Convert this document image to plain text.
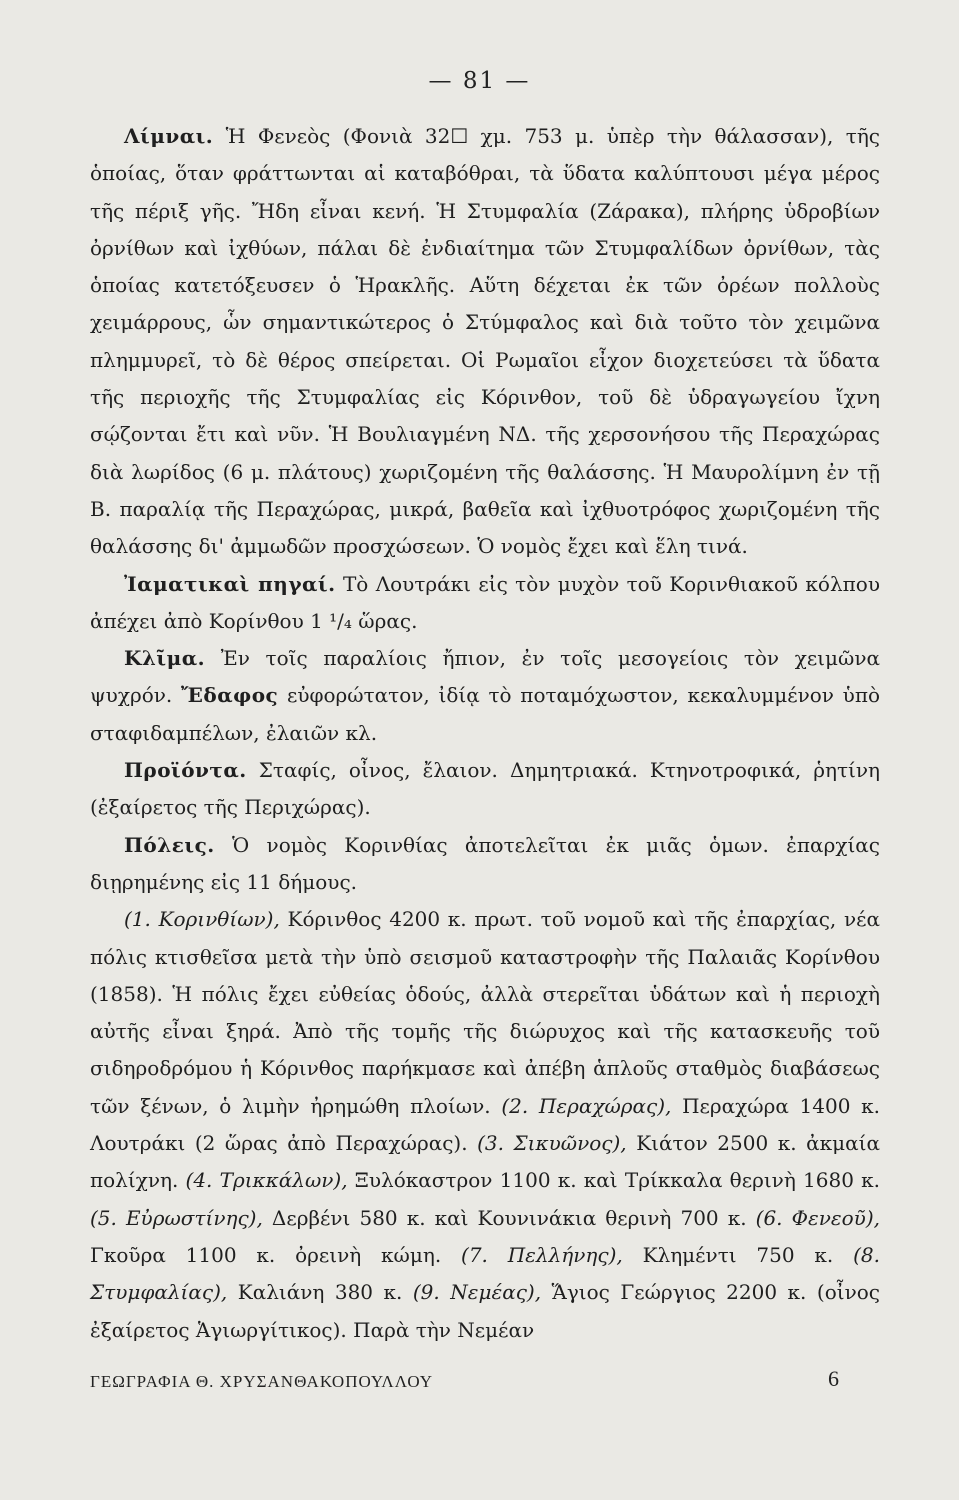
— 81 —

Λίμναι. Ἡ Φενεὸς (Φονιὰ 32☐ χμ. 753 μ. ὑπὲρ τὴν θάλασσαν), τῆς ὁποίας, ὅταν φράττωνται αἱ καταβόθραι, τὰ ὕδατα καλύπτουσι μέγα μέρος τῆς πέριξ γῆς. Ἤδη εἶναι κενή. Ἡ Στυμφαλία (Ζάρακα), πλήρης ὑδροβίων ὀρνίθων καὶ ἰχθύων, πάλαι δὲ ἐνδιαίτημα τῶν Στυμφαλίδων ὀρνίθων, τὰς ὁποίας κατετόξευσεν ὁ Ἡρακλῆς. Αὕτη δέχεται ἐκ τῶν ὀρέων πολλοὺς χειμάρρους, ὧν σημαντικώτερος ὁ Στύμφαλος καὶ διὰ τοῦτο τὸν χειμῶνα πλημμυρεῖ, τὸ δὲ θέρος σπείρεται. Οἱ Ρωμαῖοι εἶχον διοχετεύσει τὰ ὕδατα τῆς περιοχῆς τῆς Στυμφαλίας εἰς Κόρινθον, τοῦ δὲ ὑδραγωγείου ἴχνη σῴζονται ἔτι καὶ νῦν. Ἡ Βουλιαγμένη ΝΔ. τῆς χερσονήσου τῆς Περαχώρας διὰ λωρίδος (6 μ. πλάτους) χωριζομένη τῆς θαλάσσης. Ἡ Μαυρολίμνη ἐν τῇ Β. παραλίᾳ τῆς Περαχώρας, μικρά, βαθεῖα καὶ ἰχθυοτρόφος χωριζομένη τῆς θαλάσσης δι' ἀμμωδῶν προσχώσεων. Ὁ νομὸς ἔχει καὶ ἕλη τινά.

Ἰαματικαὶ πηγαί. Τὸ Λουτράκι εἰς τὸν μυχὸν τοῦ Κορινθιακοῦ κόλπου ἀπέχει ἀπὸ Κορίνθου 1 ¹/₄ ὥρας.

Κλῖμα. Ἐν τοῖς παραλίοις ἤπιον, ἐν τοῖς μεσογείοις τὸν χειμῶνα ψυχρόν. Ἔδαφος εὐφορώτατον, ἰδίᾳ τὸ ποταμόχωστον, κεκαλυμμένον ὑπὸ σταφιδαμπέλων, ἐλαιῶν κλ.

Προϊόντα. Σταφίς, οἶνος, ἔλαιον. Δημητριακά. Κτηνοτροφικά, ῥητίνη (ἐξαίρετος τῆς Περιχώρας).

Πόλεις. Ὁ νομὸς Κορινθίας ἀποτελεῖται ἐκ μιᾶς ὁμων. ἐπαρχίας διῃρημένης εἰς 11 δήμους.

(1. Κορινθίων), Κόρινθος 4200 κ. πρωτ. τοῦ νομοῦ καὶ τῆς ἐπαρχίας, νέα πόλις κτισθεῖσα μετὰ τὴν ὑπὸ σεισμοῦ καταστροφὴν τῆς Παλαιᾶς Κορίνθου (1858). Ἡ πόλις ἔχει εὐθείας ὁδούς, ἀλλὰ στερεῖται ὑδάτων καὶ ἡ περιοχὴ αὐτῆς εἶναι ξηρά. Ἀπὸ τῆς τομῆς τῆς διώρυχος καὶ τῆς κατασκευῆς τοῦ σιδηροδρόμου ἡ Κόρινθος παρήκμασε καὶ ἀπέβη ἁπλοῦς σταθμὸς διαβάσεως τῶν ξένων, ὁ λιμὴν ἠρημώθη πλοίων. (2. Περαχώρας), Περαχώρα 1400 κ. Λουτράκι (2 ὥρας ἀπὸ Περαχώρας). (3. Σικυῶνος), Κιάτον 2500 κ. ἀκμαία πολίχνη. (4. Τρικκάλων), Ξυλόκαστρον 1100 κ. καὶ Τρίκκαλα θερινὴ 1680 κ. (5. Εὐρωστίνης), Δερβένι 580 κ. καὶ Κουνινάκια θερινὴ 700 κ. (6. Φενεοῦ), Γκοῦρα 1100 κ. ὀρεινὴ κώμη. (7. Πελλήνης), Κλημέντι 750 κ. (8. Στυμφαλίας), Καλιάνη 380 κ. (9. Νεμέας), Ἅγιος Γεώργιος 2200 κ. (οἶνος ἐξαίρετος Ἁγιωργίτικος). Παρὰ τὴν Νεμέαν

ΓΕΩΓΡΑΦΙΑ Θ. ΧΡΥΣΑΝΘΑΚΟΠΟΥΛΛΟΥ	6
